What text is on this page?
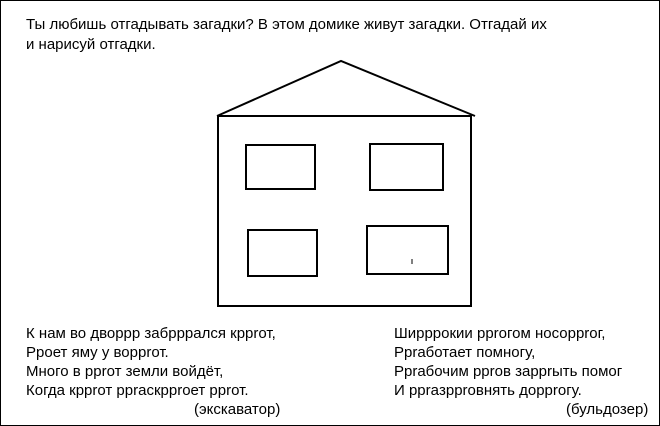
Ты любишь отгадывать загадки? В этом домике живут загадки. Отгадай их
и нарисуй отгадки.
К нам во дворрр забрррался кррrот,
Рроет яму у воррrот.
Много в ррrот земли войдёт,
Когда кррrот ррraскррrоет ррrот.
(экскаватор)
Ширррокии ррrогом носоррrог,
Ррrаботает помногу,
Ррrабочим ррrов заррrыть помог
И ррraзррrовнять доррrогу.
(бульдозер)
